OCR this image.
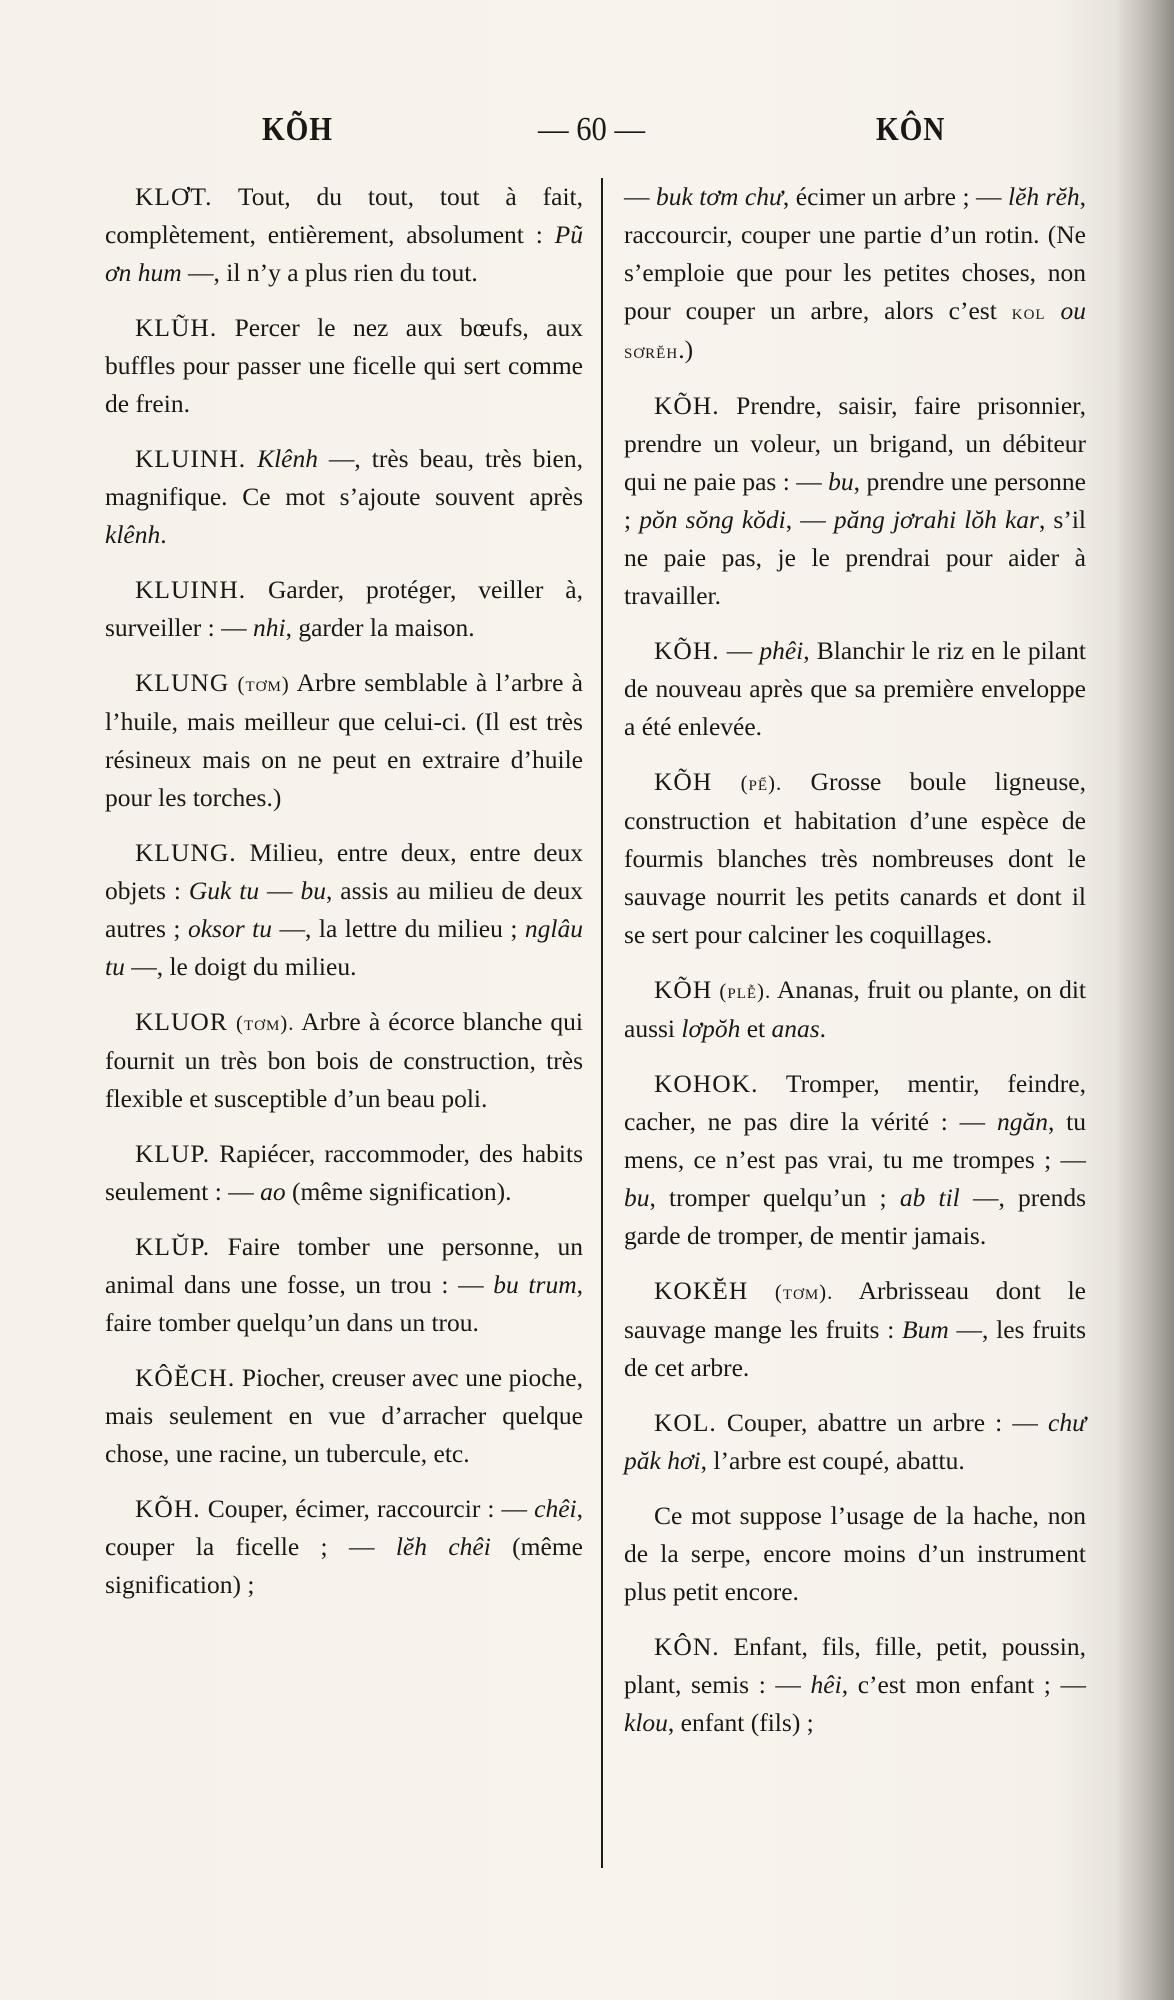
KÕH	— 60 —	KÔN

KLƠT. Tout, du tout, tout à fait, complètement, entièrement, absolument : Pũ ơn hum —, il n’y a plus rien du tout.

KLŨH. Percer le nez aux bœufs, aux buffles pour passer une ficelle qui sert comme de frein.

KLUINH. Klênh —, très beau, très bien, magnifique. Ce mot s’ajoute souvent après klênh.

KLUINH. Garder, protéger, veiller à, surveiller : — nhi, garder la maison.

KLUNG (tơm) Arbre semblable à l’arbre à l’huile, mais meilleur que celui-ci. (Il est très résineux mais on ne peut en extraire d’huile pour les torches.)

KLUNG. Milieu, entre deux, entre deux objets : Guk tu — bu, assis au milieu de deux autres ; oksor tu —, la lettre du milieu ; nglâu tu —, le doigt du milieu.

KLUOR (tơm). Arbre à écorce blanche qui fournit un très bon bois de construction, très flexible et susceptible d’un beau poli.

KLUP. Rapiécer, raccommoder, des habits seulement : — ao (même signification).

KLŬP. Faire tomber une personne, un animal dans une fosse, un trou : — bu trum, faire tomber quelqu’un dans un trou.

KÔĔCH. Piocher, creuser avec une pioche, mais seulement en vue d’arracher quelque chose, une racine, un tubercule, etc.

KÕH. Couper, écimer, raccourcir : — chêi, couper la ficelle ; — lĕh chêi (même signification) ;

— buk tơm chư, écimer un arbre ; — lĕh rĕh, raccourcir, couper une partie d’un rotin. (Ne s’emploie que pour les petites choses, non pour couper un arbre, alors c’est kol ou sơrĕh.)

KÕH. Prendre, saisir, faire prisonnier, prendre un voleur, un brigand, un débiteur qui ne paie pas : — bu, prendre une personne ; pŏn sŏng kŏdi, — păng jơrahi lŏh kar, s’il ne paie pas, je le prendrai pour aider à travailler.

KÕH. — phêi, Blanchir le riz en le pilant de nouveau après que sa première enveloppe a été enlevée.

KÕH (pể). Grosse boule ligneuse, construction et habitation d’une espèce de fourmis blanches très nombreuses dont le sauvage nourrit les petits canards et dont il se sert pour calciner les coquillages.

KÕH (plễ). Ananas, fruit ou plante, on dit aussi lơpŏh et anas.

KOHOK. Tromper, mentir, feindre, cacher, ne pas dire la vérité : — ngăn, tu mens, ce n’est pas vrai, tu me trompes ; — bu, tromper quelqu’un ; ab til —, prends garde de tromper, de mentir jamais.

KOKĔH (tơm). Arbrisseau dont le sauvage mange les fruits : Bum —, les fruits de cet arbre.

KOL. Couper, abattre un arbre : — chư păk hơi, l’arbre est coupé, abattu.

Ce mot suppose l’usage de la hache, non de la serpe, encore moins d’un instrument plus petit encore.

KÔN. Enfant, fils, fille, petit, poussin, plant, semis : — hêi, c’est mon enfant ; — klou, enfant (fils) ;
